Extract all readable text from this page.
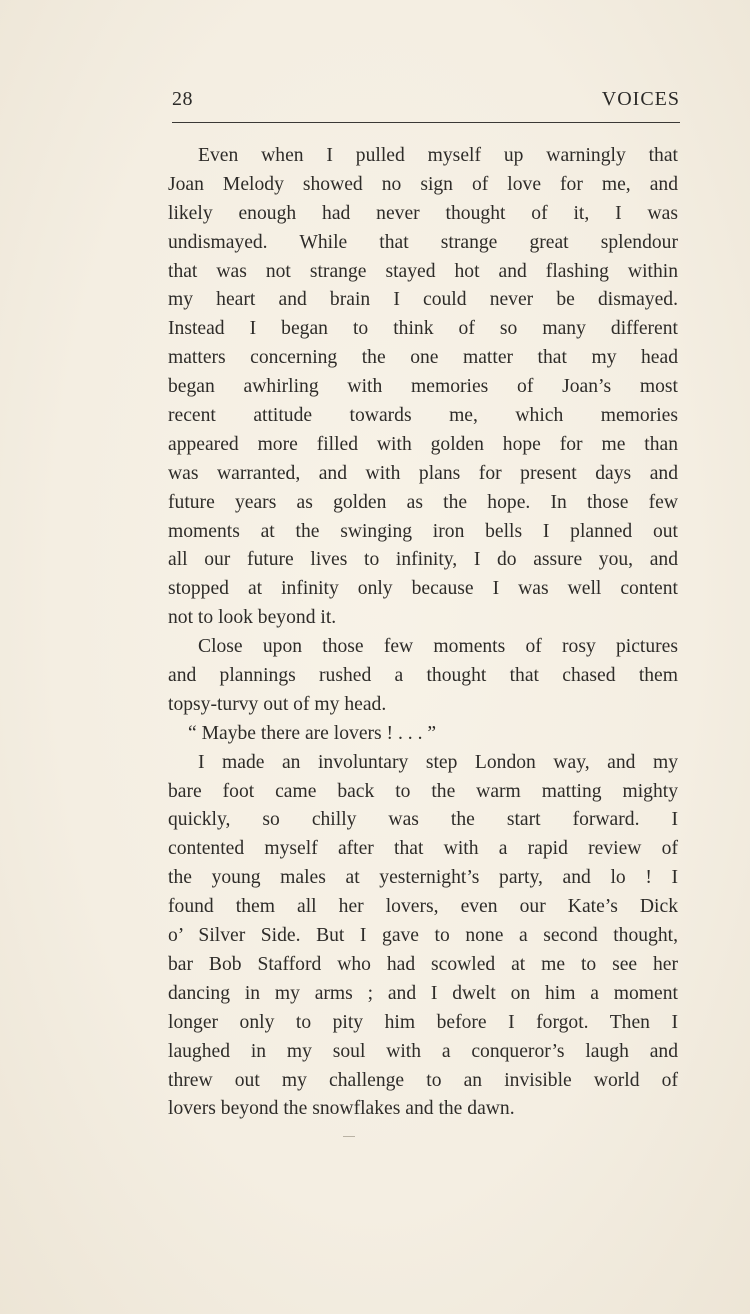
28	VOICES
Even when I pulled myself up warningly that
Joan Melody showed no sign of love for me, and
likely enough had never thought of it, I was
undismayed. While that strange great splendour
that was not strange stayed hot and flashing within
my heart and brain I could never be dismayed.
Instead I began to think of so many different
matters concerning the one matter that my head
began awhirling with memories of Joan’s most
recent attitude towards me, which memories
appeared more filled with golden hope for me than
was warranted, and with plans for present days and
future years as golden as the hope. In those few
moments at the swinging iron bells I planned out
all our future lives to infinity, I do assure you, and
stopped at infinity only because I was well content
not to look beyond it.
Close upon those few moments of rosy pictures
and plannings rushed a thought that chased them
topsy-turvy out of my head.
“ Maybe there are lovers ! . . . ”
I made an involuntary step London way, and my
bare foot came back to the warm matting mighty
quickly, so chilly was the start forward. I
contented myself after that with a rapid review of
the young males at yesternight’s party, and lo ! I
found them all her lovers, even our Kate’s Dick
o’ Silver Side. But I gave to none a second thought,
bar Bob Stafford who had scowled at me to see her
dancing in my arms ; and I dwelt on him a moment
longer only to pity him before I forgot. Then I
laughed in my soul with a conqueror’s laugh and
threw out my challenge to an invisible world of
lovers beyond the snowflakes and the dawn.
